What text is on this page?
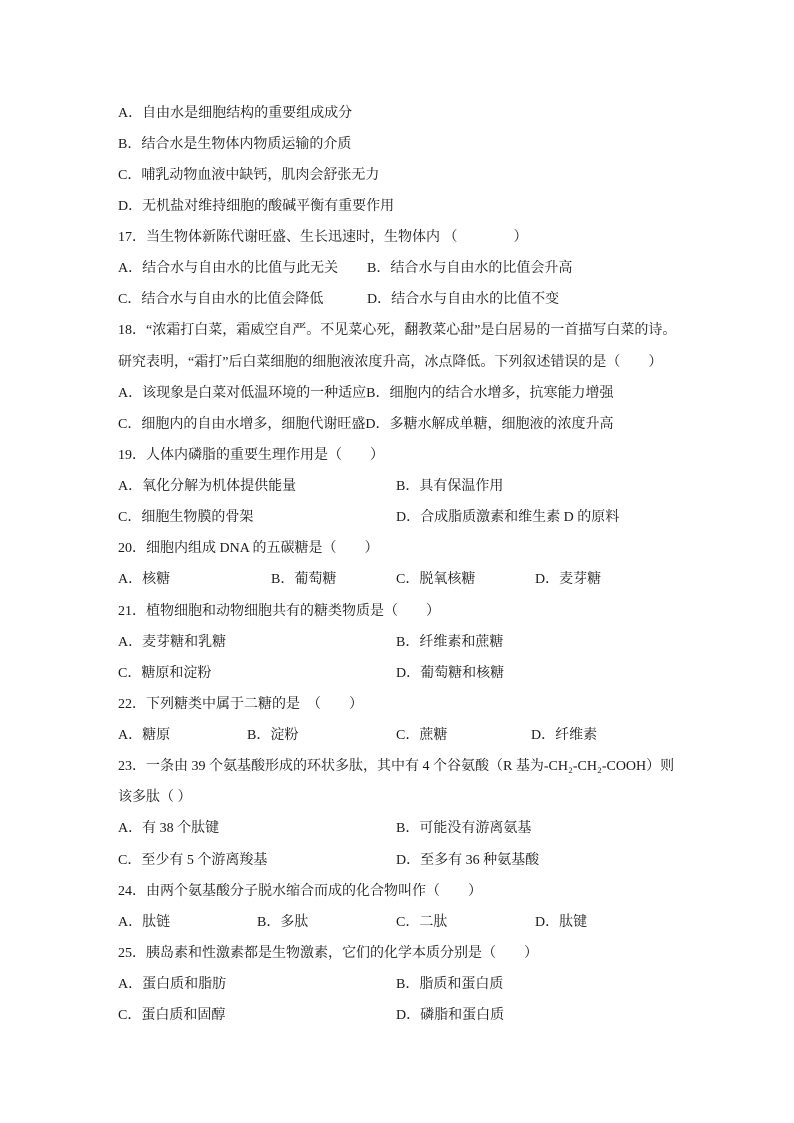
A．自由水是细胞结构的重要组成成分
B．结合水是生物体内物质运输的介质
C．哺乳动物血液中缺钙，肌肉会舒张无力
D．无机盐对维持细胞的酸碱平衡有重要作用
17．当生物体新陈代谢旺盛、生长迅速时，生物体内 （　　　　）
A．结合水与自由水的比值与此无关 B．结合水与自由水的比值会升高
C．结合水与自由水的比值会降低	D．结合水与自由水的比值不变
18．“浓霜打白菜，霜威空自严。不见菜心死，翻教菜心甜”是白居易的一首描写白菜的诗。
研究表明，“霜打”后白菜细胞的细胞液浓度升高，冰点降低。下列叙述错误的是（　　）
A．该现象是白菜对低温环境的一种适应B．细胞内的结合水增多，抗寒能力增强
C．细胞内的自由水增多，细胞代谢旺盛D．多糖水解成单糖，细胞液的浓度升高
19．人体内磷脂的重要生理作用是（　　）
A．氧化分解为机体提供能量	B．具有保温作用
C．细胞生物膜的骨架	D．合成脂质激素和维生素 D 的原料
20．细胞内组成 DNA 的五碳糖是（　　）
A．核糖	B．葡萄糖	C．脱氧核糖	D．麦芽糖
21．植物细胞和动物细胞共有的糖类物质是（　　）
A．麦芽糖和乳糖	B．纤维素和蔗糖
C．糖原和淀粉	D．葡萄糖和核糖
22．下列糖类中属于二糖的是　（　　）
A．糖原	B．淀粉	C．蔗糖	D．纤维素
23．一条由 39 个氨基酸形成的环状多肽，其中有 4 个谷氨酸（R 基为-CH₂-CH₂-COOH）则
该多肽（ ）
A．有 38 个肽键	B．可能没有游离氨基
C．至少有 5 个游离羧基	D．至多有 36 种氨基酸
24．由两个氨基酸分子脱水缩合而成的化合物叫作（　　）
A．肽链	B．多肽	C．二肽	D．肽键
25．胰岛素和性激素都是生物激素，它们的化学本质分别是（　　）
A．蛋白质和脂肪	B．脂质和蛋白质
C．蛋白质和固醇	D．磷脂和蛋白质
